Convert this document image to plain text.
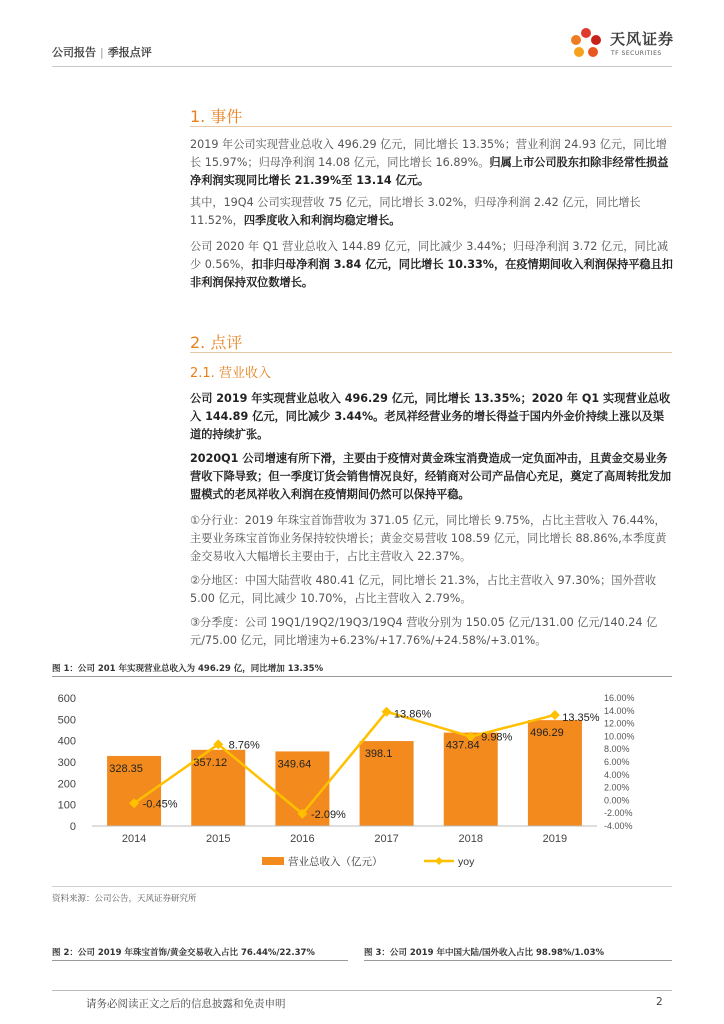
公司报告 | 季报点评
天风证券
TF SECURITIES
1. 事件
2019 年公司实现营业总收入 496.29 亿元，同比增长 13.35%；营业利润 24.93 亿元，同比增长 15.97%；归母净利润 14.08 亿元，同比增长 16.89%。归属上市公司股东扣除非经常性损益净利润实现同比增长 21.39%至 13.14 亿元。
其中，19Q4 公司实现营收 75 亿元，同比增长 3.02%，归母净利润 2.42 亿元，同比增长 11.52%，四季度收入和利润均稳定增长。
公司 2020 年 Q1 营业总收入 144.89 亿元，同比减少 3.44%；归母净利润 3.72 亿元，同比减少 0.56%，扣非归母净利润 3.84 亿元，同比增长 10.33%，在疫情期间收入利润保持平稳且扣非利润保持双位数增长。
2. 点评
2.1. 营业收入
公司 2019 年实现营业总收入 496.29 亿元，同比增长 13.35%；2020 年 Q1 实现营业总收入 144.89 亿元，同比减少 3.44%。老凤祥经营业务的增长得益于国内外金价持续上涨以及渠道的持续扩张。
2020Q1 公司增速有所下滑，主要由于疫情对黄金珠宝消费造成一定负面冲击，且黄金交易业务营收下降导致；但一季度订货会销售情况良好，经销商对公司产品信心充足，奠定了高周转批发加盟模式的老凤祥收入利润在疫情期间仍然可以保持平稳。
①分行业：2019 年珠宝首饰营收为 371.05 亿元，同比增长 9.75%，占比主营收入 76.44%，主要业务珠宝首饰业务保持较快增长；黄金交易营收 108.59 亿元，同比增长 88.86%,本季度黄金交易收入大幅增长主要由于，占比主营收入 22.37%。
②分地区：中国大陆营收 480.41 亿元，同比增长 21.3%，占比主营收入 97.30%；国外营收 5.00 亿元，同比减少 10.70%，占比主营收入 2.79%。
③分季度：公司 19Q1/19Q2/19Q3/19Q4 营收分别为 150.05 亿元/131.00 亿元/140.24 亿元/75.00 亿元，同比增速为+6.23%/+17.76%/+24.58%/+3.01%。
图 1：公司 201 年实现营业总收入为 496.29 亿，同比增加 13.35%
0
100
200
300
400
500
600
-4.00%
-2.00%
0.00%
2.00%
4.00%
6.00%
8.00%
10.00%
12.00%
14.00%
16.00%
2014	2015	2016	2017	2018	2019
328.35
357.12	349.64
398.1
437.84
496.29
-0.45%
8.76%
-2.09%
13.86%
9.98%
13.35%
营业总收入（亿元）	yoy
资料来源：公司公告，天风证券研究所
图 2：公司 2019 年珠宝首饰/黄金交易收入占比 76.44%/22.37%	图 3：公司 2019 年中国大陆/国外收入占比 98.98%/1.03%
请务必阅读正文之后的信息披露和免责申明	2
